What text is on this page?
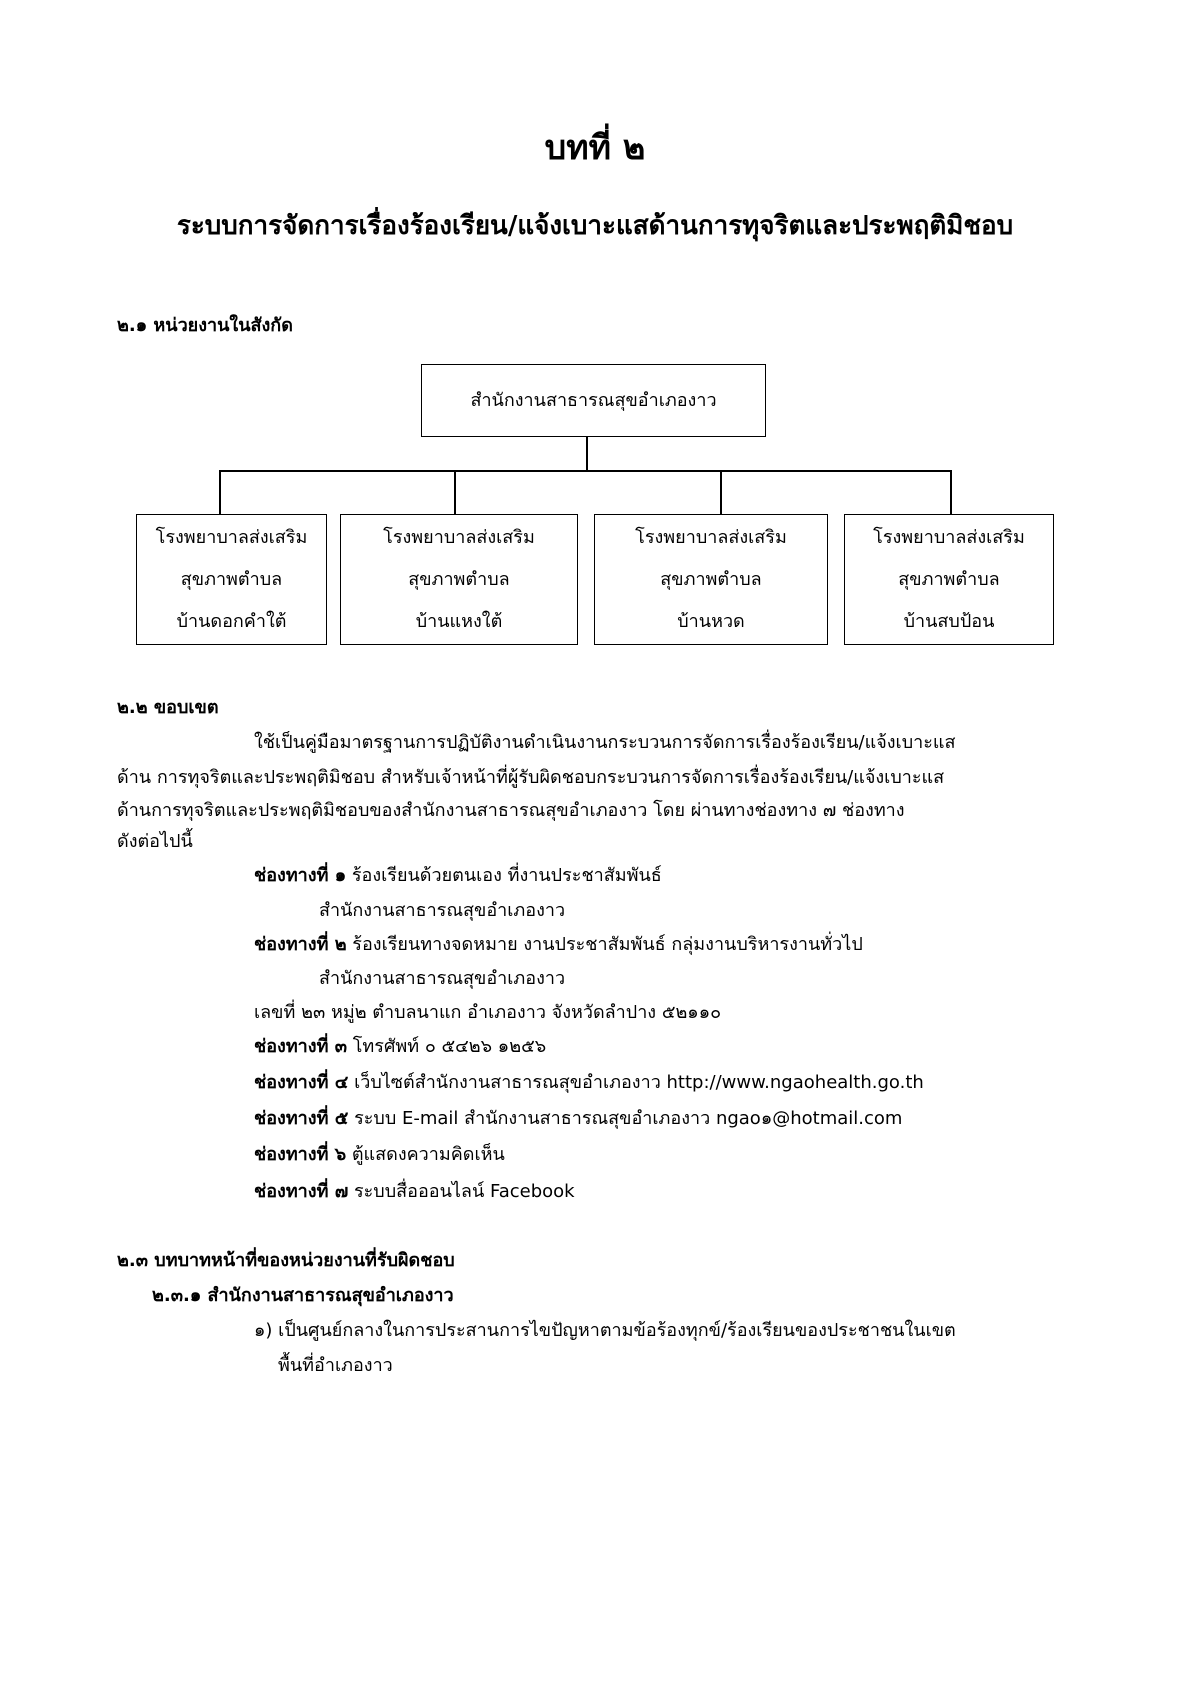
บทที่ ๒
ระบบการจัดการเรื่องร้องเรียน/แจ้งเบาะแสด้านการทุจริตและประพฤติมิชอบ
๒.๑ หน่วยงานในสังกัด
สำนักงานสาธารณสุขอำเภองาว
โรงพยาบาลส่งเสริม
สุขภาพตำบล
บ้านดอกคำใต้
โรงพยาบาลส่งเสริม
สุขภาพตำบล
บ้านแหงใต้
โรงพยาบาลส่งเสริม
สุขภาพตำบล
บ้านหวด
โรงพยาบาลส่งเสริม
สุขภาพตำบล
บ้านสบป้อน
๒.๒ ขอบเขต
ใช้เป็นคู่มือมาตรฐานการปฏิบัติงานดำเนินงานกระบวนการจัดการเรื่องร้องเรียน/แจ้งเบาะแส
ด้าน การทุจริตและประพฤติมิชอบ สำหรับเจ้าหน้าที่ผู้รับผิดชอบกระบวนการจัดการเรื่องร้องเรียน/แจ้งเบาะแส
ด้านการทุจริตและประพฤติมิชอบของสำนักงานสาธารณสุขอำเภองาว โดย ผ่านทางช่องทาง ๗ ช่องทาง
ดังต่อไปนี้
ช่องทางที่ ๑ ร้องเรียนด้วยตนเอง ที่งานประชาสัมพันธ์
สำนักงานสาธารณสุขอำเภองาว
ช่องทางที่ ๒ ร้องเรียนทางจดหมาย งานประชาสัมพันธ์ กลุ่มงานบริหารงานทั่วไป
สำนักงานสาธารณสุขอำเภองาว
เลขที่ ๒๓ หมู่๒ ตำบลนาแก อำเภองาว จังหวัดลำปาง ๕๒๑๑๐
ช่องทางที่ ๓ โทรศัพท์ ๐ ๕๔๒๖ ๑๒๕๖
ช่องทางที่ ๔ เว็บไซต์สำนักงานสาธารณสุขอำเภองาว http://www.ngaohealth.go.th
ช่องทางที่ ๕ ระบบ E-mail สำนักงานสาธารณสุขอำเภองาว ngao๑@hotmail.com
ช่องทางที่ ๖ ตู้แสดงความคิดเห็น
ช่องทางที่ ๗ ระบบสื่อออนไลน์ Facebook
๒.๓ บทบาทหน้าที่ของหน่วยงานที่รับผิดชอบ
๒.๓.๑ สำนักงานสาธารณสุขอำเภองาว
๑) เป็นศูนย์กลางในการประสานการไขปัญหาตามข้อร้องทุกข์/ร้องเรียนของประชาชนในเขต
พื้นที่อำเภองาว
